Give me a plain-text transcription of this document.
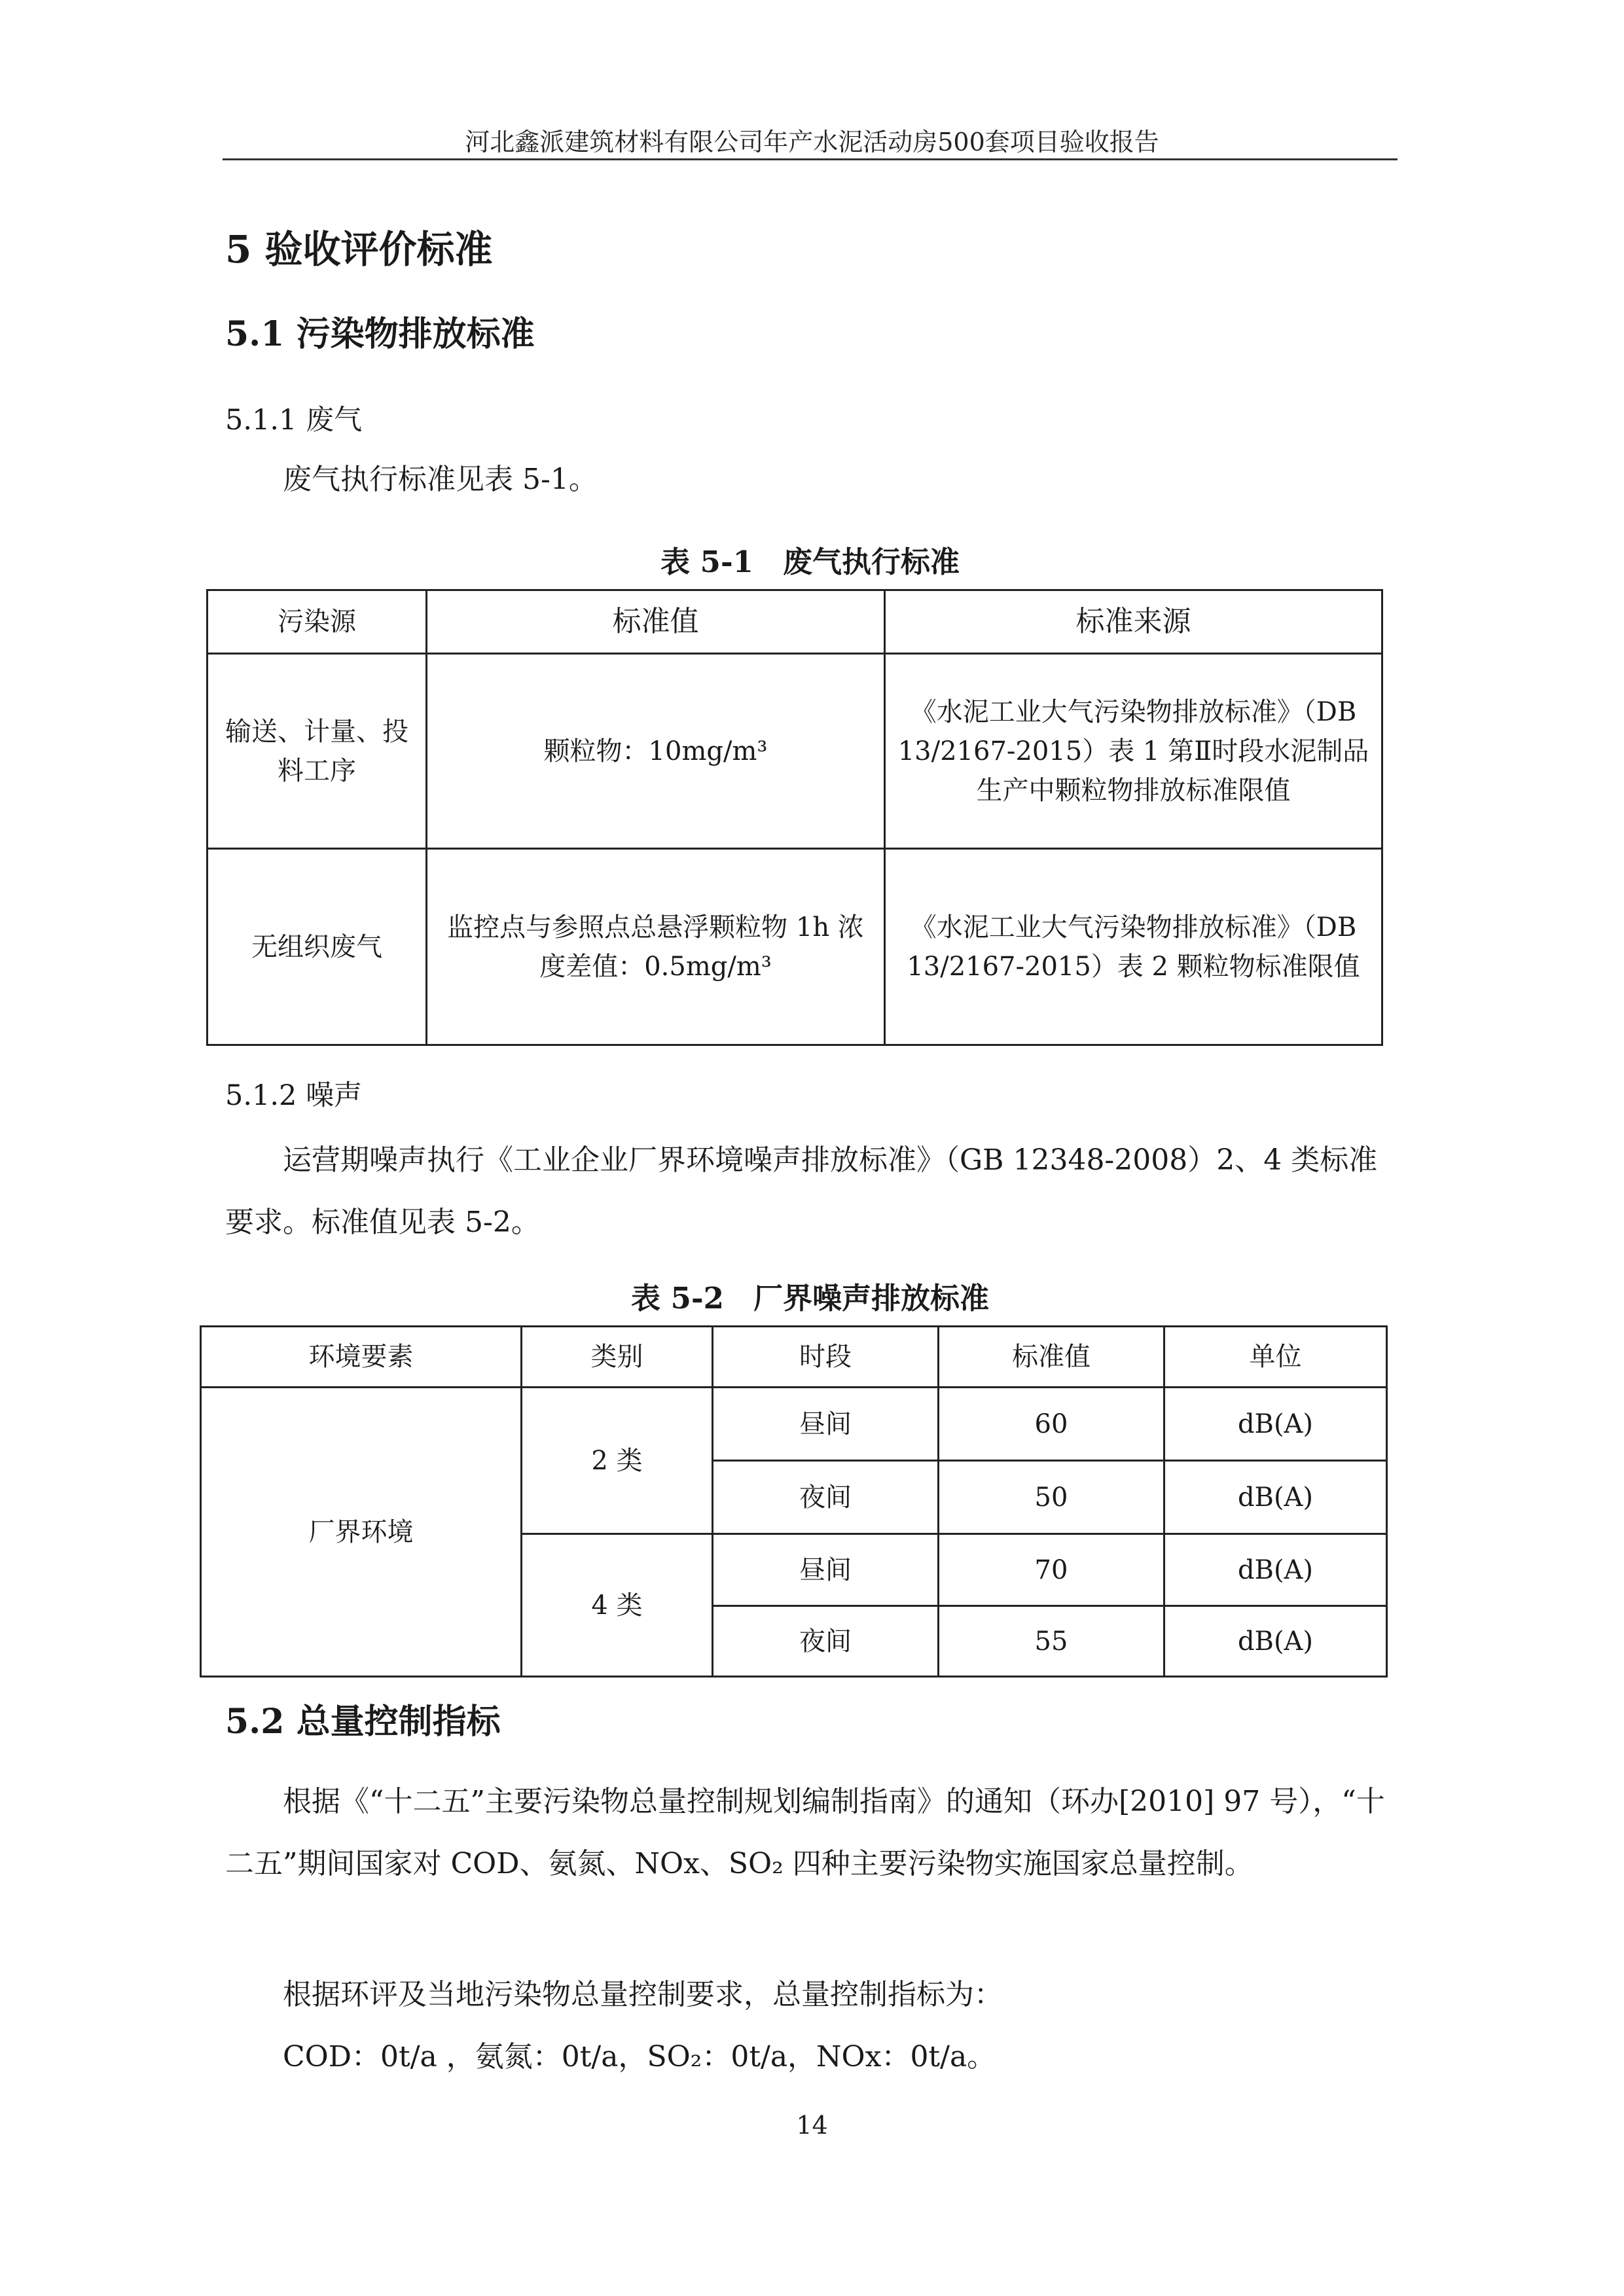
河北鑫派建筑材料有限公司年产水泥活动房500套项目验收报告
5 验收评价标准
5.1 污染物排放标准
5.1.1 废气
废气执行标准见表 5-1。
表 5-1　废气执行标准
污染源	标准值	标准来源
输送、计量、投料工序	颗粒物：10mg/m³	《水泥工业大气污染物排放标准》（DB 13/2167-2015）表 1 第Ⅱ时段水泥制品生产中颗粒物排放标准限值
无组织废气	监控点与参照点总悬浮颗粒物 1h 浓度差值：0.5mg/m³	《水泥工业大气污染物排放标准》（DB 13/2167-2015）表 2 颗粒物标准限值
5.1.2 噪声
运营期噪声执行《工业企业厂界环境噪声排放标准》（GB 12348-2008）2、4 类标准要求。标准值见表 5-2。
表 5-2　厂界噪声排放标准
环境要素	类别	时段	标准值	单位
厂界环境	2 类	昼间	60	dB(A)
		夜间	50	dB(A)
	4 类	昼间	70	dB(A)
		夜间	55	dB(A)
5.2 总量控制指标
根据《“十二五”主要污染物总量控制规划编制指南》的通知（环办[2010] 97 号），“十二五”期间国家对 COD、氨氮、NOx、SO₂ 四种主要污染物实施国家总量控制。
根据环评及当地污染物总量控制要求，总量控制指标为：
COD：0t/a ，氨氮：0t/a，SO₂：0t/a，NOx：0t/a。
14
